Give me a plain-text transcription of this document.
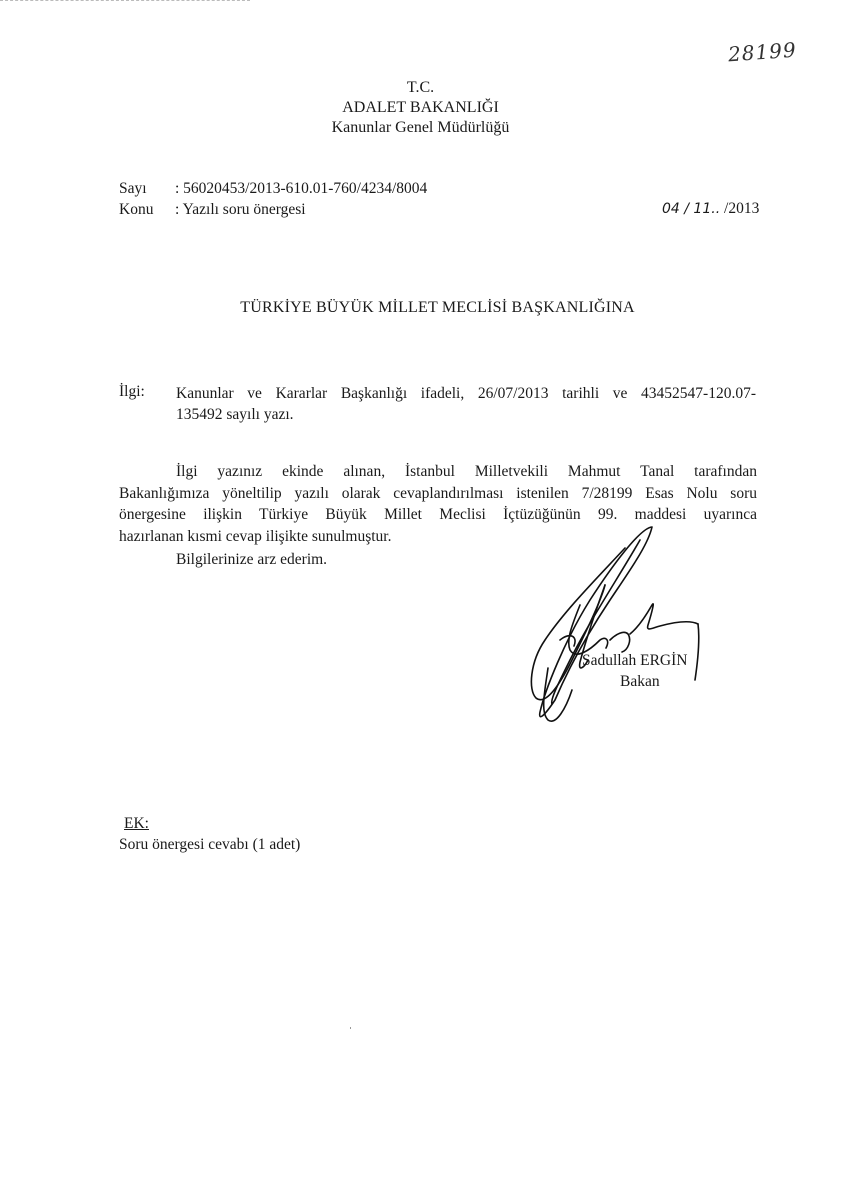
28199
T.C.
ADALET BAKANLIĞI
Kanunlar Genel Müdürlüğü
Sayı : 56020453/2013-610.01-760/4234/8004
Konu : Yazılı soru önergesi	04 / 11.. /2013
TÜRKİYE BÜYÜK MİLLET MECLİSİ BAŞKANLIĞINA
İlgi: Kanunlar ve Kararlar Başkanlığı ifadeli, 26/07/2013 tarihli ve 43452547-120.07-
135492 sayılı yazı.
İlgi yazınız ekinde alınan, İstanbul Milletvekili Mahmut Tanal tarafından
Bakanlığımıza yöneltilip yazılı olarak cevaplandırılması istenilen 7/28199 Esas Nolu soru
önergesine ilişkin Türkiye Büyük Millet Meclisi İçtüzüğünün 99. maddesi uyarınca
hazırlanan kısmi cevap ilişikte sunulmuştur.
Bilgilerinize arz ederim.
Sadullah ERGİN
Bakan
EK:
Soru önergesi cevabı (1 adet)
